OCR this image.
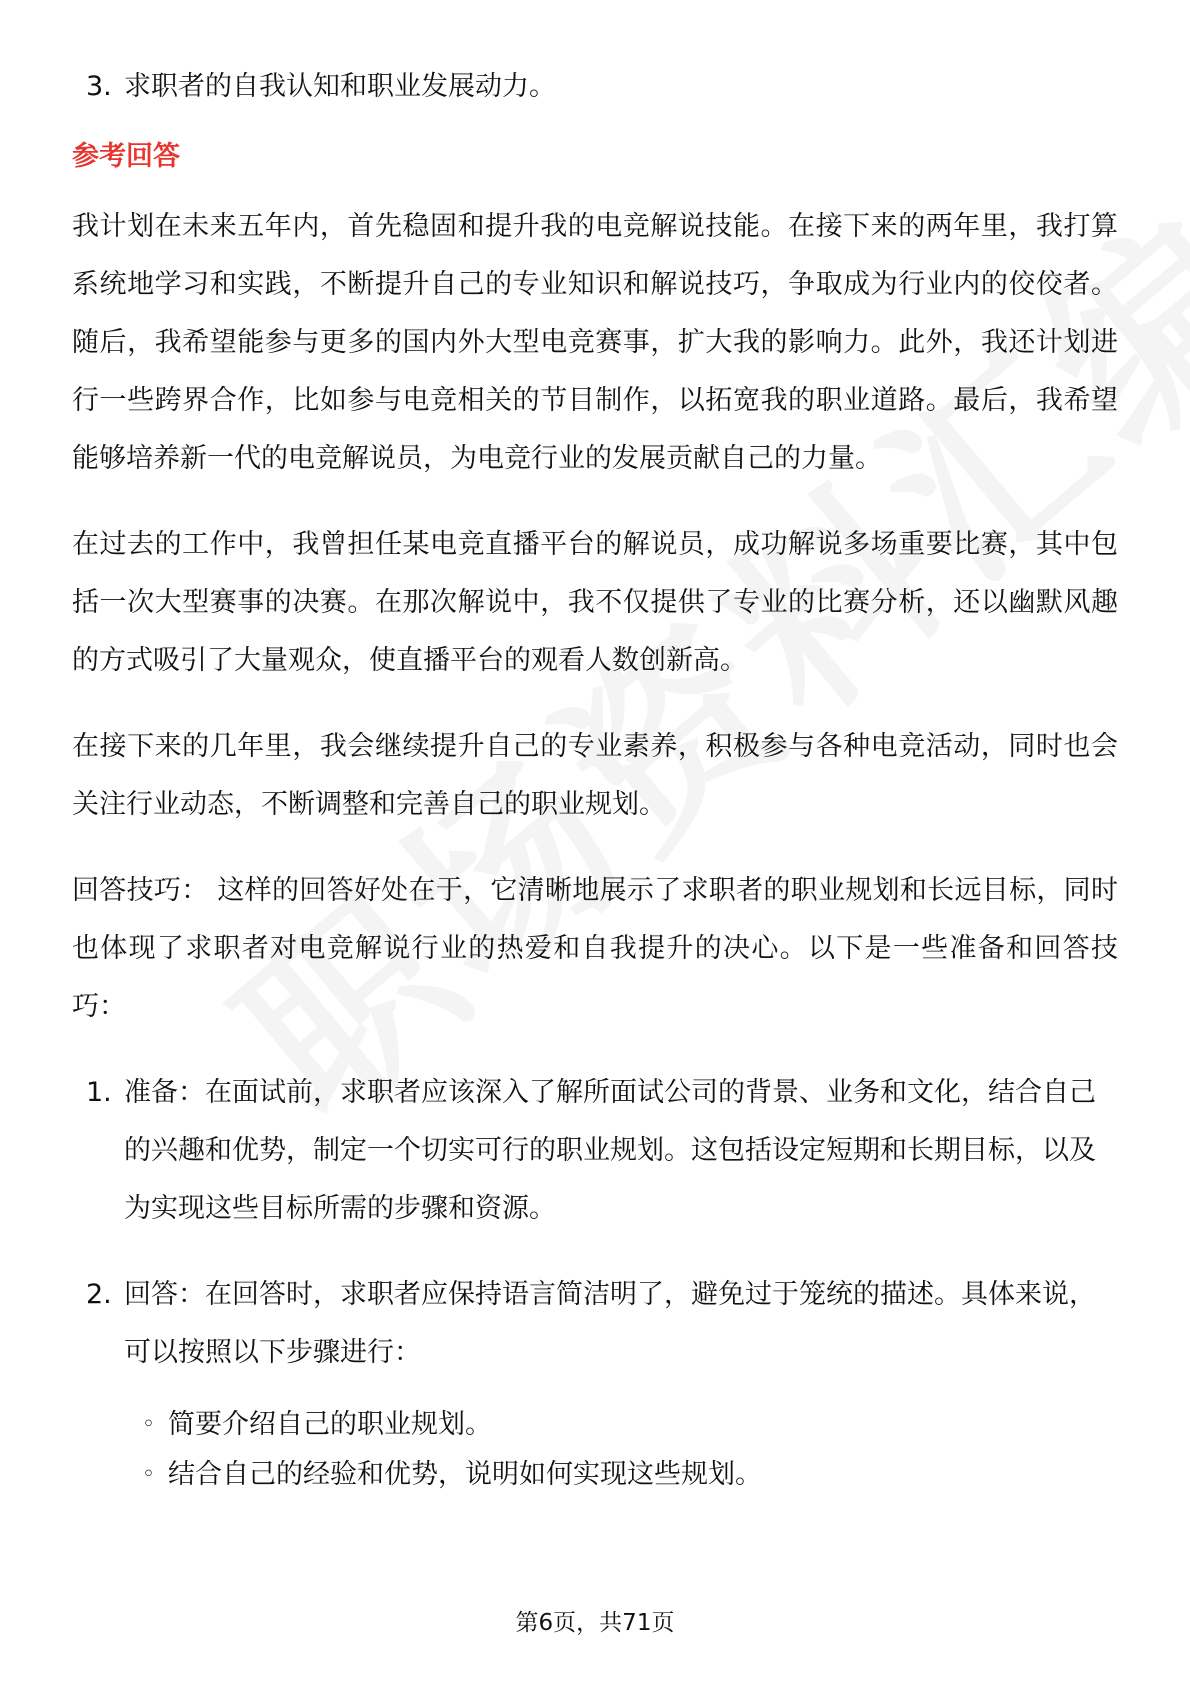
3. 求职者的自我认知和职业发展动力。
参考回答
我计划在未来五年内，首先稳固和提升我的电竞解说技能。在接下来的两年里，我打算系统地学习和实践，不断提升自己的专业知识和解说技巧，争取成为行业内的佼佼者。随后，我希望能参与更多的国内外大型电竞赛事，扩大我的影响力。此外，我还计划进行一些跨界合作，比如参与电竞相关的节目制作，以拓宽我的职业道路。最后，我希望能够培养新一代的电竞解说员，为电竞行业的发展贡献自己的力量。
在过去的工作中，我曾担任某电竞直播平台的解说员，成功解说多场重要比赛，其中包括一次大型赛事的决赛。在那次解说中，我不仅提供了专业的比赛分析，还以幽默风趣的方式吸引了大量观众，使直播平台的观看人数创新高。
在接下来的几年里，我会继续提升自己的专业素养，积极参与各种电竞活动，同时也会关注行业动态，不断调整和完善自己的职业规划。
回答技巧： 这样的回答好处在于，它清晰地展示了求职者的职业规划和长远目标，同时也体现了求职者对电竞解说行业的热爱和自我提升的决心。以下是一些准备和回答技巧：
1. 准备：在面试前，求职者应该深入了解所面试公司的背景、业务和文化，结合自己的兴趣和优势，制定一个切实可行的职业规划。这包括设定短期和长期目标，以及为实现这些目标所需的步骤和资源。
2. 回答：在回答时，求职者应保持语言简洁明了，避免过于笼统的描述。具体来说，可以按照以下步骤进行：
◦ 简要介绍自己的职业规划。
◦ 结合自己的经验和优势，说明如何实现这些规划。
第6页，共71页
